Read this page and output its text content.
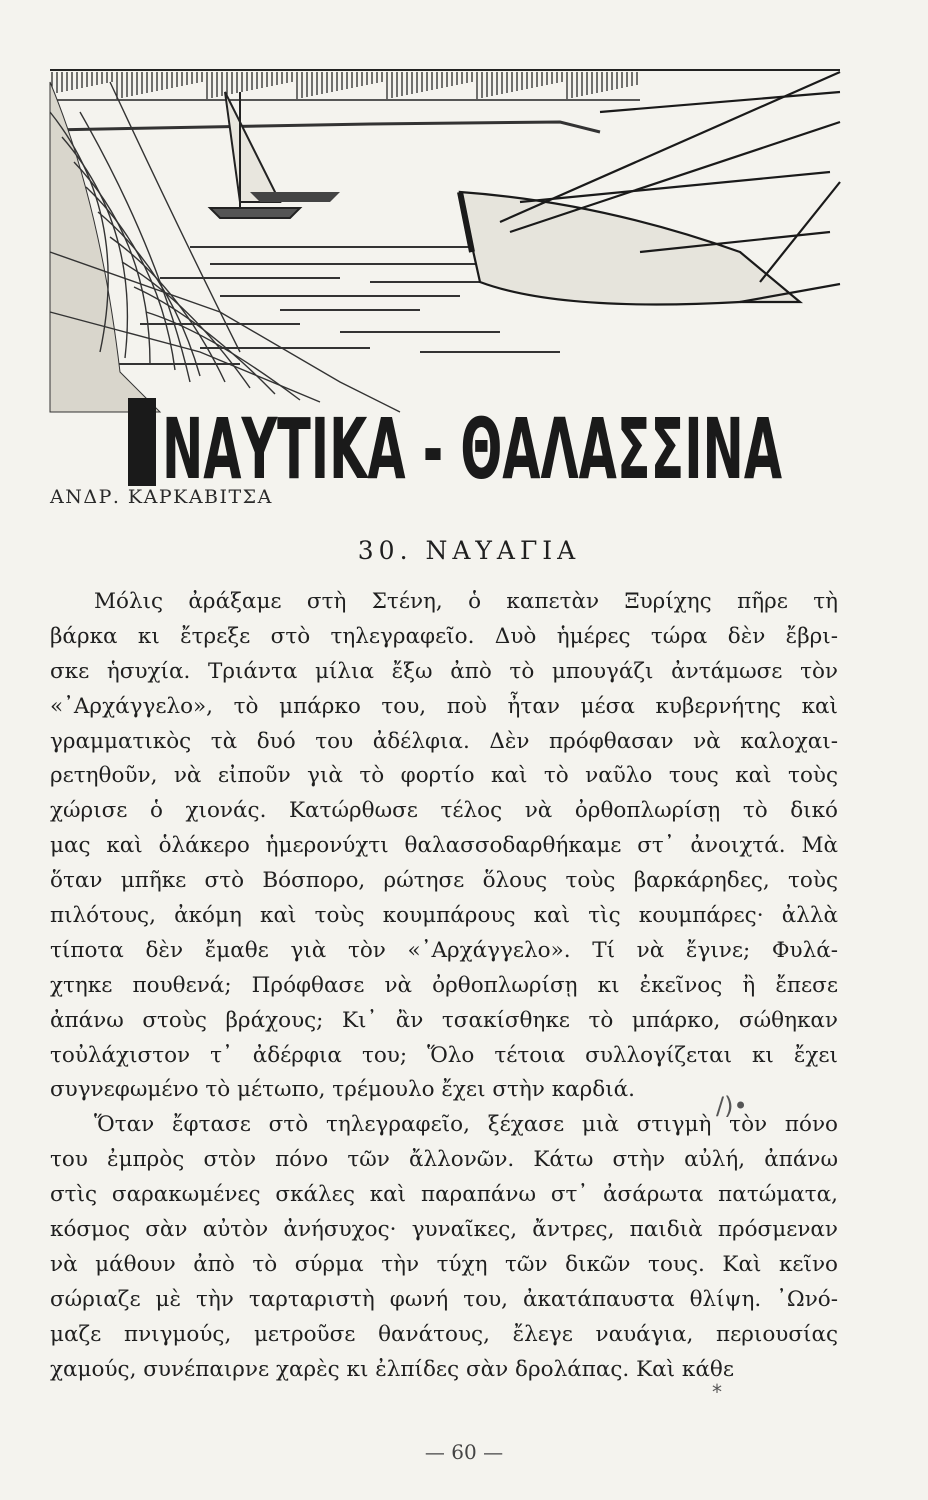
ΝΑΥΤΙΚΑ - ΘΑΛΑΣΣΙΝΑ
ΑΝΔΡ. ΚΑΡΚΑΒΙΤΣΑ
30. ΝΑΥΑΓΙΑ
Μόλις ἀράξαμε στὴ Στένη, ὁ καπετὰν Ξυρίχης πῆρε τὴ
βάρκα κι ἔτρεξε στὸ τηλεγραφεῖο. Δυὸ ἡμέρες τώρα δὲν ἔβρι-
σκε ἡσυχία. Τριάντα μίλια ἔξω ἀπὸ τὸ μπουγάζι ἀντάμωσε τὸν
«᾿Αρχάγγελο», τὸ μπάρκο του, ποὺ ἦταν μέσα κυβερνήτης καὶ
γραμματικὸς τὰ δυό του ἀδέλφια. Δὲν πρόφθασαν νὰ καλοχαι-
ρετηθοῦν, νὰ εἰποῦν γιὰ τὸ φορτίο καὶ τὸ ναῦλο τους καὶ τοὺς
χώρισε ὁ χιονάς. Κατώρθωσε τέλος νὰ ὀρθοπλωρίσῃ τὸ δικό
μας καὶ ὁλάκερο ἡμερονύχτι θαλασσοδαρθήκαμε στ᾿ ἀνοιχτά. Μὰ
ὅταν μπῆκε στὸ Βόσπορο, ρώτησε ὅλους τοὺς βαρκάρηδες, τοὺς
πιλότους, ἀκόμη καὶ τοὺς κουμπάρους καὶ τὶς κουμπάρες· ἀλλὰ
τίποτα δὲν ἔμαθε γιὰ τὸν «᾿Αρχάγγελο». Τί νὰ ἔγινε; Φυλά-
χτηκε πουθενά; Πρόφθασε νὰ ὀρθοπλωρίσῃ κι ἐκεῖνος ἢ ἔπεσε
ἀπάνω στοὺς βράχους; Κι᾿ ἂν τσακίσθηκε τὸ μπάρκο, σώθηκαν
τοὐλάχιστον τ᾿ ἀδέρφια του; Ὅλο τέτοια συλλογίζεται κι ἔχει
συγνεφωμένο τὸ μέτωπο, τρέμουλο ἔχει στὴν καρδιά.
Ὅταν ἔφτασε στὸ τηλεγραφεῖο, ξέχασε μιὰ στιγμὴ τὸν πόνο
του ἐμπρὸς στὸν πόνο τῶν ἄλλονῶν. Κάτω στὴν αὐλή, ἀπάνω
στὶς σαρακωμένες σκάλες καὶ παραπάνω στ᾿ ἀσάρωτα πατώματα,
κόσμος σὰν αὐτὸν ἀνήσυχος· γυναῖκες, ἄντρες, παιδιὰ πρόσμεναν
νὰ μάθουν ἀπὸ τὸ σύρμα τὴν τύχη τῶν δικῶν τους. Καὶ κεῖνο
σώριαζε μὲ τὴν ταρταριστὴ φωνή του, ἀκατάπαυστα θλίψη. ᾿Ωνό-
μαζε πνιγμούς, μετροῦσε θανάτους, ἔλεγε ναυάγια, περιουσίας
χαμούς, συνέπαιρνε χαρὲς κι ἐλπίδες σὰν δρολάπας. Καὶ κάθε
/)•
*
— 60 —
